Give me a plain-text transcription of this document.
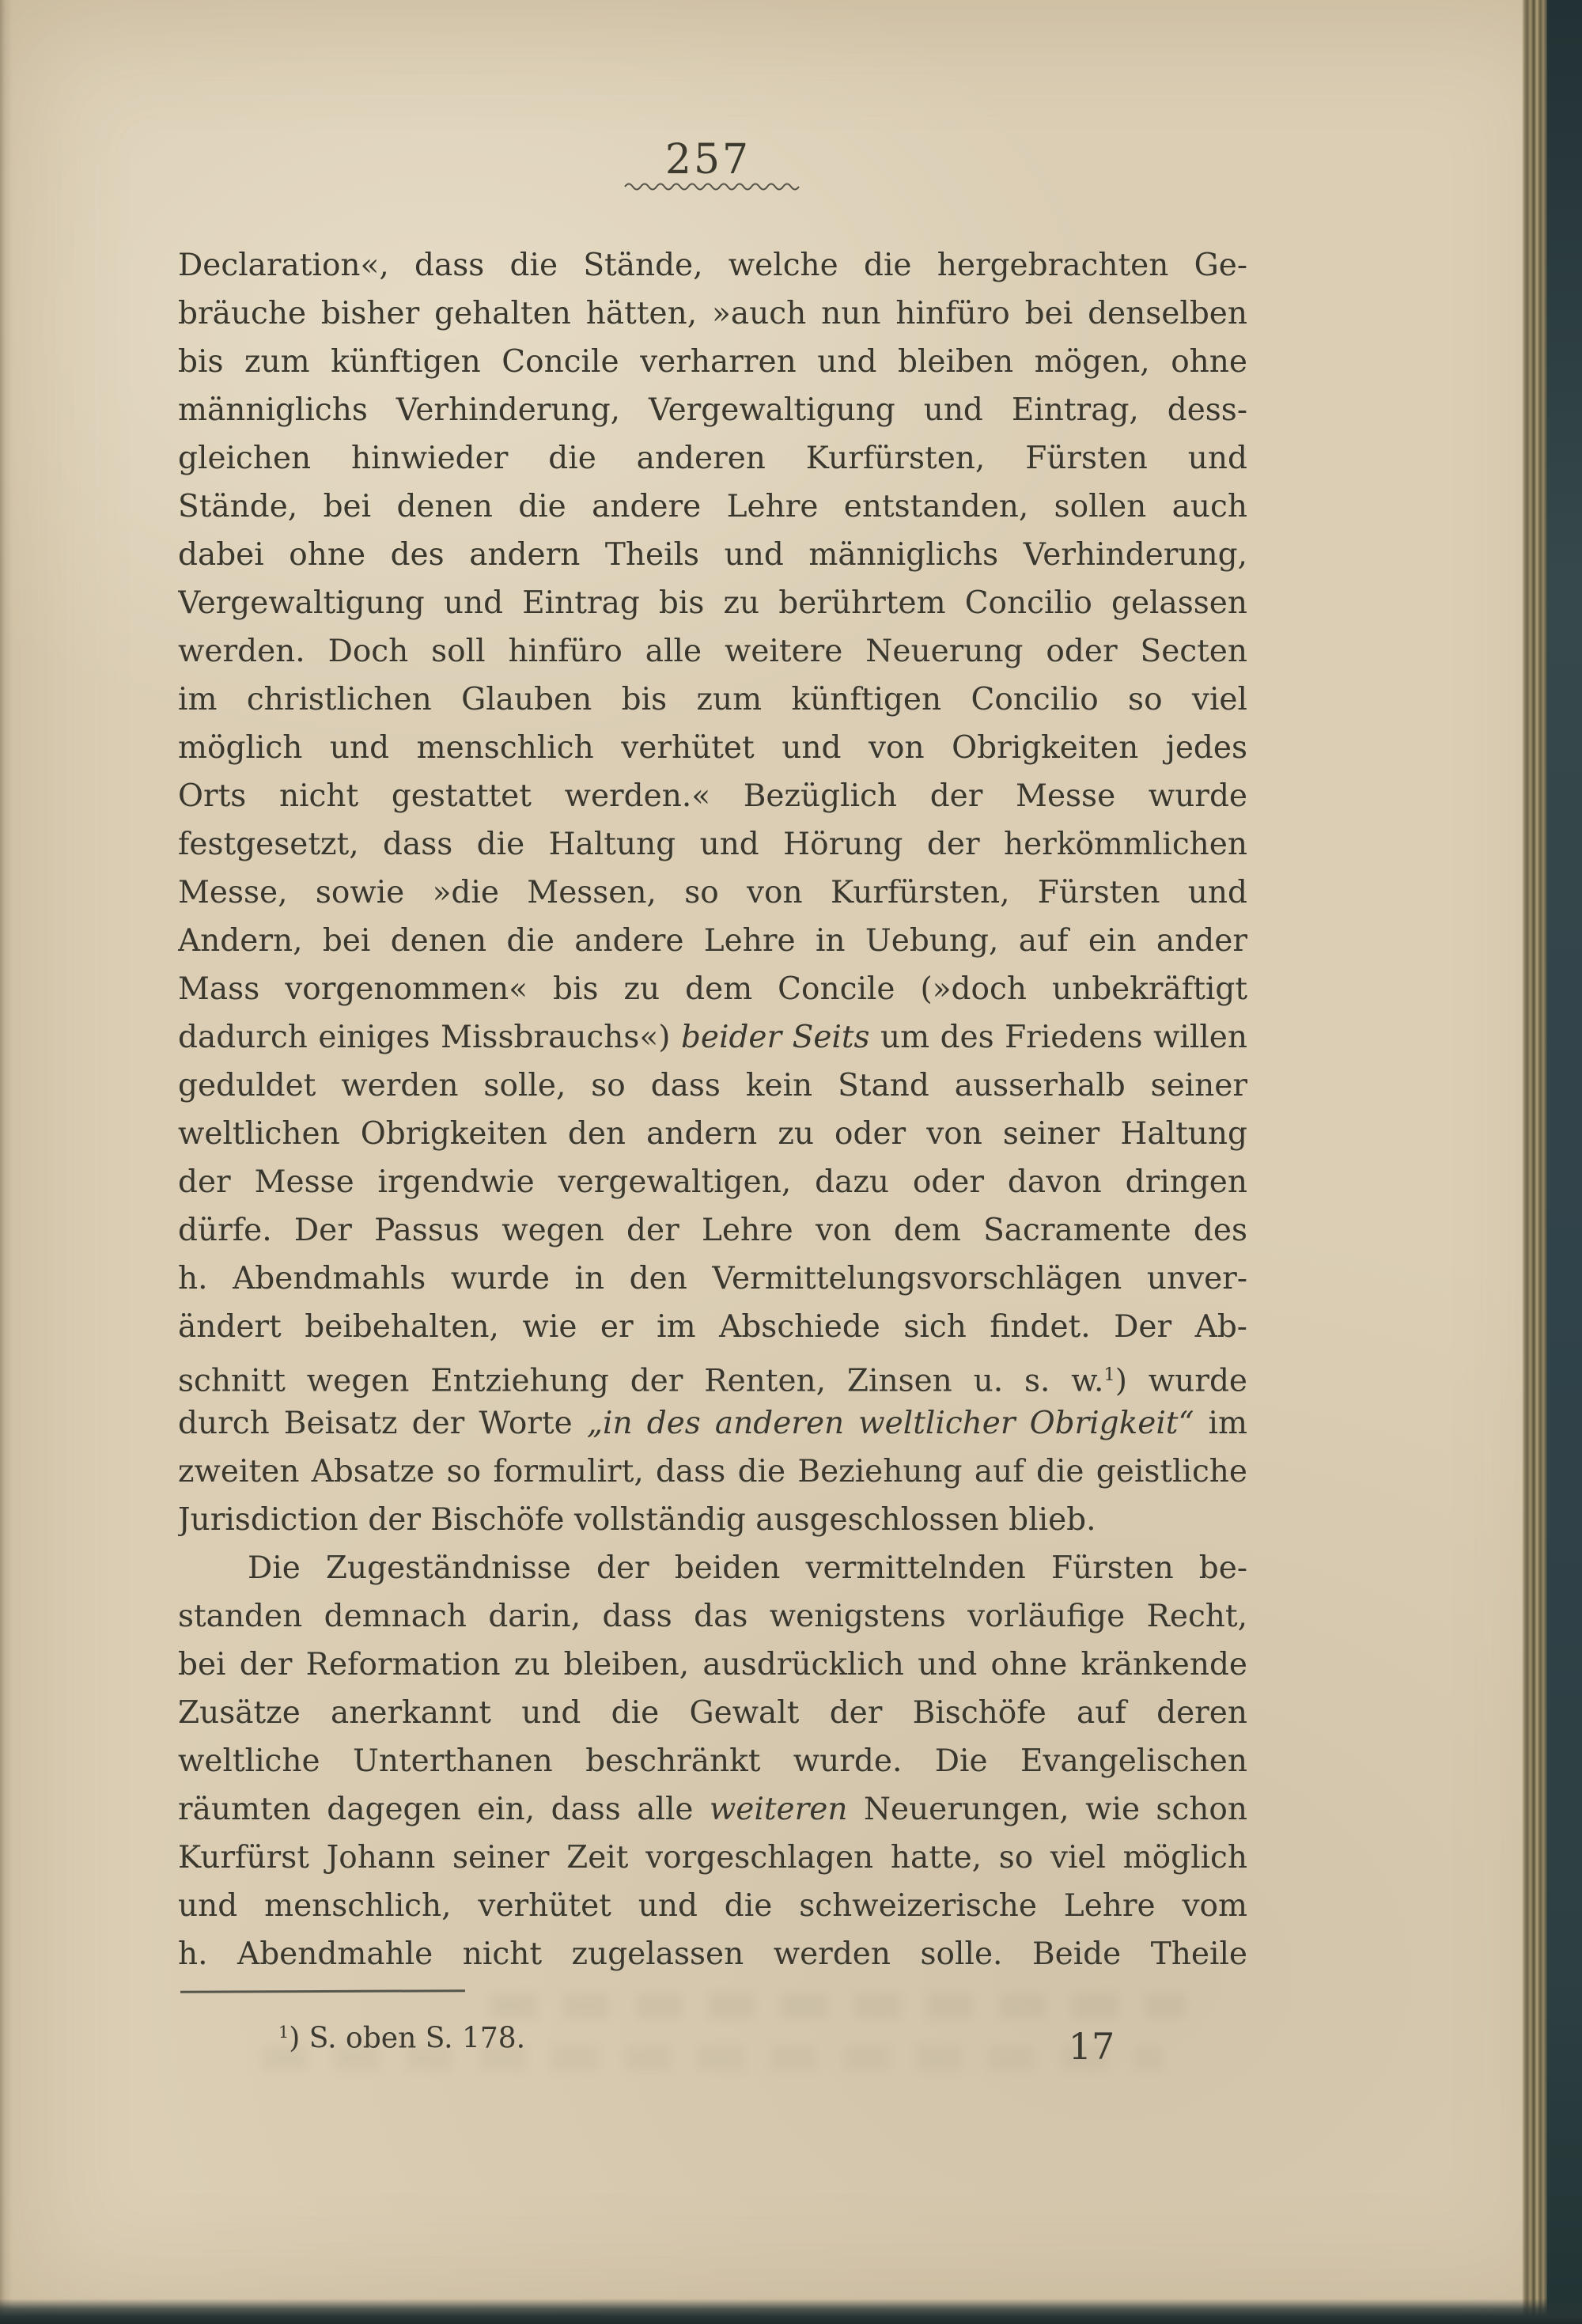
257
Declaration«, dass die Stände, welche die hergebrachten Ge-
bräuche bisher gehalten hätten, »auch nun hinfüro bei denselben
bis zum künftigen Concile verharren und bleiben mögen, ohne
männiglichs Verhinderung, Vergewaltigung und Eintrag, dess-
gleichen hinwieder die anderen Kurfürsten, Fürsten und
Stände, bei denen die andere Lehre entstanden, sollen auch
dabei ohne des andern Theils und männiglichs Verhinderung,
Vergewaltigung und Eintrag bis zu berührtem Concilio gelassen
werden. Doch soll hinfüro alle weitere Neuerung oder Secten
im christlichen Glauben bis zum künftigen Concilio so viel
möglich und menschlich verhütet und von Obrigkeiten jedes
Orts nicht gestattet werden.« Bezüglich der Messe wurde
festgesetzt, dass die Haltung und Hörung der herkömmlichen
Messe, sowie »die Messen, so von Kurfürsten, Fürsten und
Andern, bei denen die andere Lehre in Uebung, auf ein ander
Mass vorgenommen« bis zu dem Concile (»doch unbekräftigt
dadurch einiges Missbrauchs«) beider Seits um des Friedens willen
geduldet werden solle, so dass kein Stand ausserhalb seiner
weltlichen Obrigkeiten den andern zu oder von seiner Haltung
der Messe irgendwie vergewaltigen, dazu oder davon dringen
dürfe. Der Passus wegen der Lehre von dem Sacramente des
h. Abendmahls wurde in den Vermittelungsvorschlägen unver-
ändert beibehalten, wie er im Abschiede sich findet. Der Ab-
schnitt wegen Entziehung der Renten, Zinsen u. s. w.$^1$) wurde
durch Beisatz der Worte „in des anderen weltlicher Obrigkeit“ im
zweiten Absatze so formulirt, dass die Beziehung auf die geistliche
Jurisdiction der Bischöfe vollständig ausgeschlossen blieb.
Die Zugeständnisse der beiden vermittelnden Fürsten be-
standen demnach darin, dass das wenigstens vorläufige Recht,
bei der Reformation zu bleiben, ausdrücklich und ohne kränkende
Zusätze anerkannt und die Gewalt der Bischöfe auf deren
weltliche Unterthanen beschränkt wurde. Die Evangelischen
räumten dagegen ein, dass alle weiteren Neuerungen, wie schon
Kurfürst Johann seiner Zeit vorgeschlagen hatte, so viel möglich
und menschlich, verhütet und die schweizerische Lehre vom
h. Abendmahle nicht zugelassen werden solle. Beide Theile
$^1$) S. oben S. 178.	17
